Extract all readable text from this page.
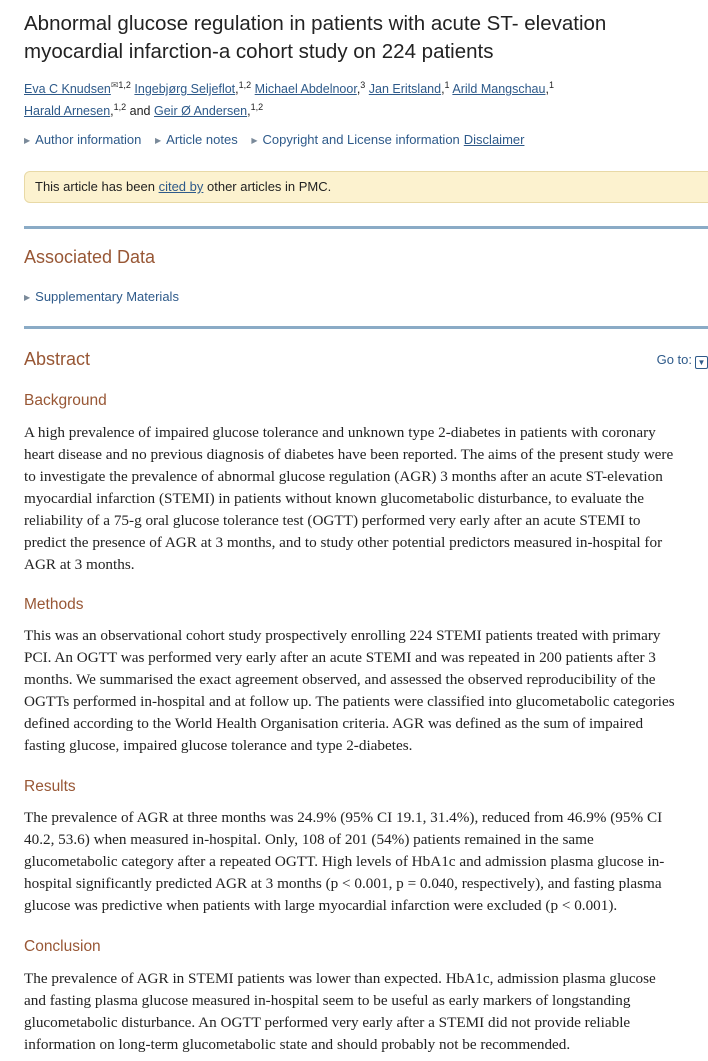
Abnormal glucose regulation in patients with acute ST- elevation
myocardial infarction-a cohort study on 224 patients
Eva C Knudsen$^{✉1,2}$ Ingebjørg Seljeflot,$^{1,2}$ Michael Abdelnoor,$^3$ Jan Eritsland,$^1$ Arild Mangschau,$^1$
Harald Arnesen,$^{1,2}$ and Geir Ø Andersen,$^{1,2}$
▶ Author information ▶ Article notes ▶ Copyright and License information Disclaimer
This article has been cited by other articles in PMC.
Associated Data
▶ Supplementary Materials
Abstract	Go to: ▼
Background

A high prevalence of impaired glucose tolerance and unknown type 2-diabetes in patients with coronary
heart disease and no previous diagnosis of diabetes have been reported. The aims of the present study were
to investigate the prevalence of abnormal glucose regulation (AGR) 3 months after an acute ST-elevation
myocardial infarction (STEMI) in patients without known glucometabolic disturbance, to evaluate the
reliability of a 75-g oral glucose tolerance test (OGTT) performed very early after an acute STEMI to
predict the presence of AGR at 3 months, and to study other potential predictors measured in-hospital for
AGR at 3 months.

Methods

This was an observational cohort study prospectively enrolling 224 STEMI patients treated with primary
PCI. An OGTT was performed very early after an acute STEMI and was repeated in 200 patients after 3
months. We summarised the exact agreement observed, and assessed the observed reproducibility of the
OGTTs performed in-hospital and at follow up. The patients were classified into glucometabolic categories
defined according to the World Health Organisation criteria. AGR was defined as the sum of impaired
fasting glucose, impaired glucose tolerance and type 2-diabetes.

Results

The prevalence of AGR at three months was 24.9% (95% CI 19.1, 31.4%), reduced from 46.9% (95% CI
40.2, 53.6) when measured in-hospital. Only, 108 of 201 (54%) patients remained in the same
glucometabolic category after a repeated OGTT. High levels of HbA1c and admission plasma glucose in-
hospital significantly predicted AGR at 3 months (p < 0.001, p = 0.040, respectively), and fasting plasma
glucose was predictive when patients with large myocardial infarction were excluded (p < 0.001).

Conclusion

The prevalence of AGR in STEMI patients was lower than expected. HbA1c, admission plasma glucose
and fasting plasma glucose measured in-hospital seem to be useful as early markers of longstanding
glucometabolic disturbance. An OGTT performed very early after a STEMI did not provide reliable
information on long-term glucometabolic state and should probably not be recommended.
